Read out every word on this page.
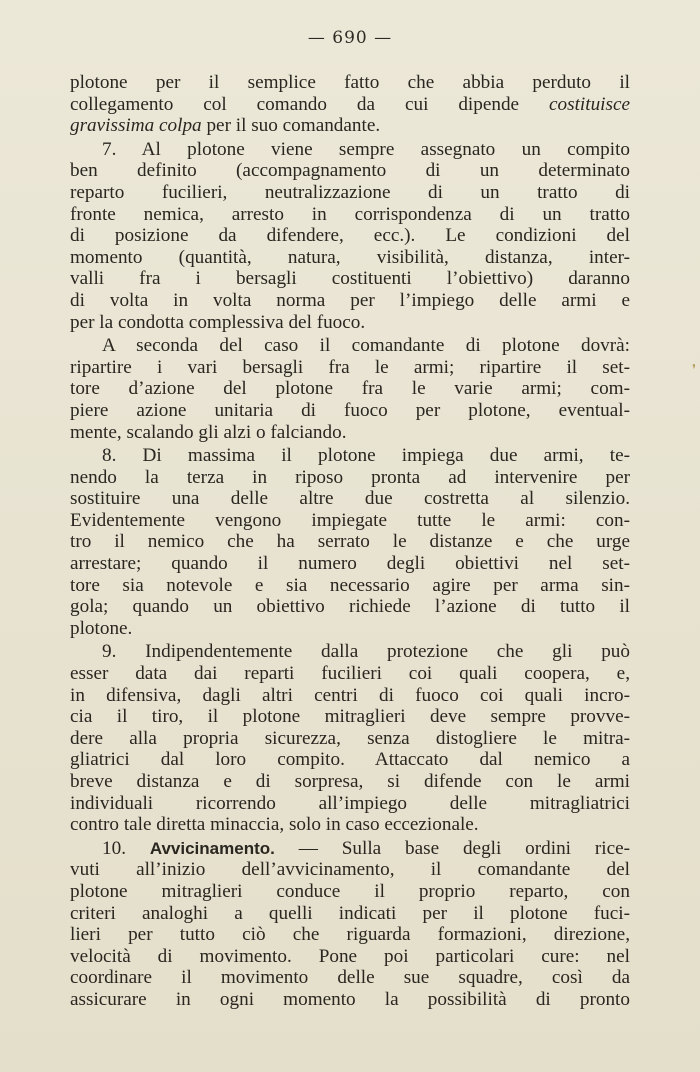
— 690 —
plotone per il semplice fatto che abbia perduto il
collegamento col comando da cui dipende costituisce
gravissima colpa per il suo comandante.
7. Al plotone viene sempre assegnato un compito
ben definito (accompagnamento di un determinato
reparto fucilieri, neutralizzazione di un tratto di
fronte nemica, arresto in corrispondenza di un tratto
di posizione da difendere, ecc.). Le condizioni del
momento (quantità, natura, visibilità, distanza, inter-
valli fra i bersagli costituenti l’obiettivo) daranno
di volta in volta norma per l’impiego delle armi e
per la condotta complessiva del fuoco.
A seconda del caso il comandante di plotone dovrà:
ripartire i vari bersagli fra le armi; ripartire il set-
tore d’azione del plotone fra le varie armi; com-
piere azione unitaria di fuoco per plotone, eventual-
mente, scalando gli alzi o falciando.
8. Di massima il plotone impiega due armi, te-
nendo la terza in riposo pronta ad intervenire per
sostituire una delle altre due costretta al silenzio.
Evidentemente vengono impiegate tutte le armi: con-
tro il nemico che ha serrato le distanze e che urge
arrestare; quando il numero degli obiettivi nel set-
tore sia notevole e sia necessario agire per arma sin-
gola; quando un obiettivo richiede l’azione di tutto il
plotone.
9. Indipendentemente dalla protezione che gli può
esser data dai reparti fucilieri coi quali coopera, e,
in difensiva, dagli altri centri di fuoco coi quali incro-
cia il tiro, il plotone mitraglieri deve sempre provve-
dere alla propria sicurezza, senza distogliere le mitra-
gliatrici dal loro compito. Attaccato dal nemico a
breve distanza e di sorpresa, si difende con le armi
individuali ricorrendo all’impiego delle mitragliatrici
contro tale diretta minaccia, solo in caso eccezionale.
10. Avvicinamento. — Sulla base degli ordini rice-
vuti all’inizio dell’avvicinamento, il comandante del
plotone mitraglieri conduce il proprio reparto, con
criteri analoghi a quelli indicati per il plotone fuci-
lieri per tutto ciò che riguarda formazioni, direzione,
velocità di movimento. Pone poi particolari cure: nel
coordinare il movimento delle sue squadre, così da
assicurare in ogni momento la possibilità di pronto
❜
